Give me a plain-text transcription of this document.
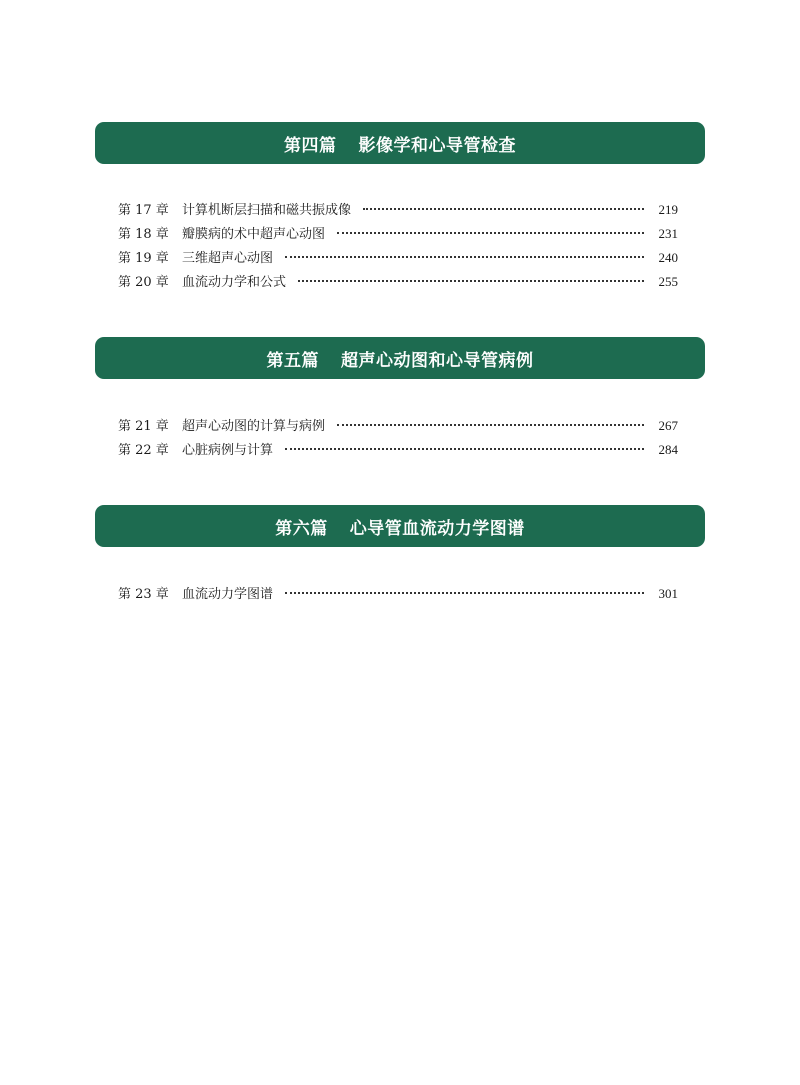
第四篇 影像学和心导管检查
第 17 章	计算机断层扫描和磁共振成像	219
第 18 章	瓣膜病的术中超声心动图	231
第 19 章	三维超声心动图	240
第 20 章	血流动力学和公式	255
第五篇 超声心动图和心导管病例
第 21 章	超声心动图的计算与病例	267
第 22 章	心脏病例与计算	284
第六篇 心导管血流动力学图谱
第 23 章	血流动力学图谱	301
